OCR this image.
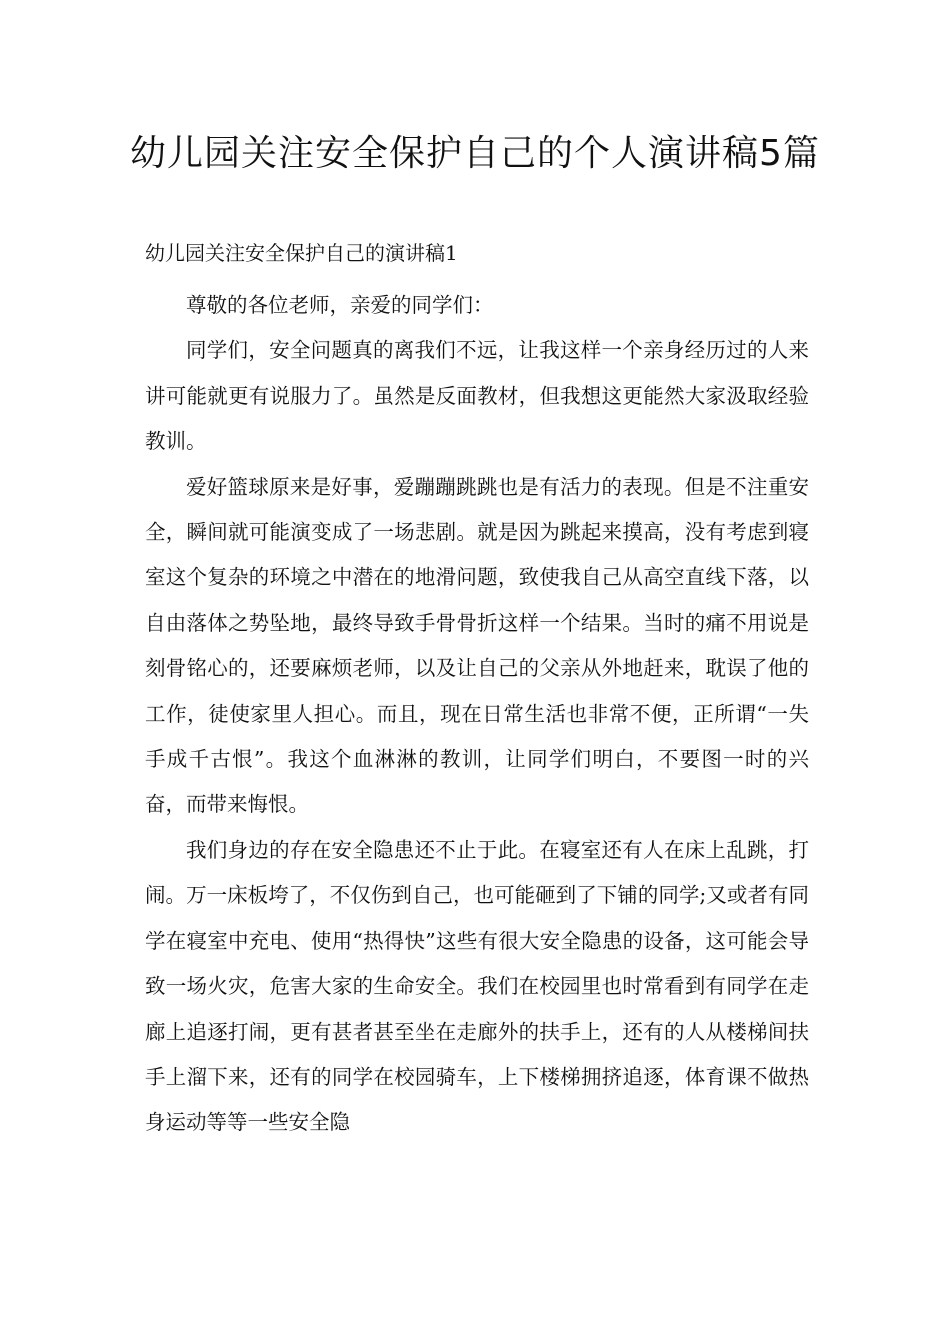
幼儿园关注安全保护自己的个人演讲稿5篇

幼儿园关注安全保护自己的演讲稿1

尊敬的各位老师，亲爱的同学们：

同学们，安全问题真的离我们不远，让我这样一个亲身经历过的人来讲可能就更有说服力了。虽然是反面教材，但我想这更能然大家汲取经验教训。

爱好篮球原来是好事，爱蹦蹦跳跳也是有活力的表现。但是不注重安全，瞬间就可能演变成了一场悲剧。就是因为跳起来摸高，没有考虑到寝室这个复杂的环境之中潜在的地滑问题，致使我自己从高空直线下落，以自由落体之势坠地，最终导致手骨骨折这样一个结果。当时的痛不用说是刻骨铭心的，还要麻烦老师，以及让自己的父亲从外地赶来，耽误了他的工作，徒使家里人担心。而且，现在日常生活也非常不便，正所谓“一失手成千古恨”。我这个血淋淋的教训，让同学们明白，不要图一时的兴奋，而带来悔恨。

我们身边的存在安全隐患还不止于此。在寝室还有人在床上乱跳，打闹。万一床板垮了，不仅伤到自己，也可能砸到了下铺的同学;又或者有同学在寝室中充电、使用“热得快”这些有很大安全隐患的设备，这可能会导致一场火灾，危害大家的生命安全。我们在校园里也时常看到有同学在走廊上追逐打闹，更有甚者甚至坐在走廊外的扶手上，还有的人从楼梯间扶手上溜下来，还有的同学在校园骑车，上下楼梯拥挤追逐，体育课不做热身运动等等一些安全隐
